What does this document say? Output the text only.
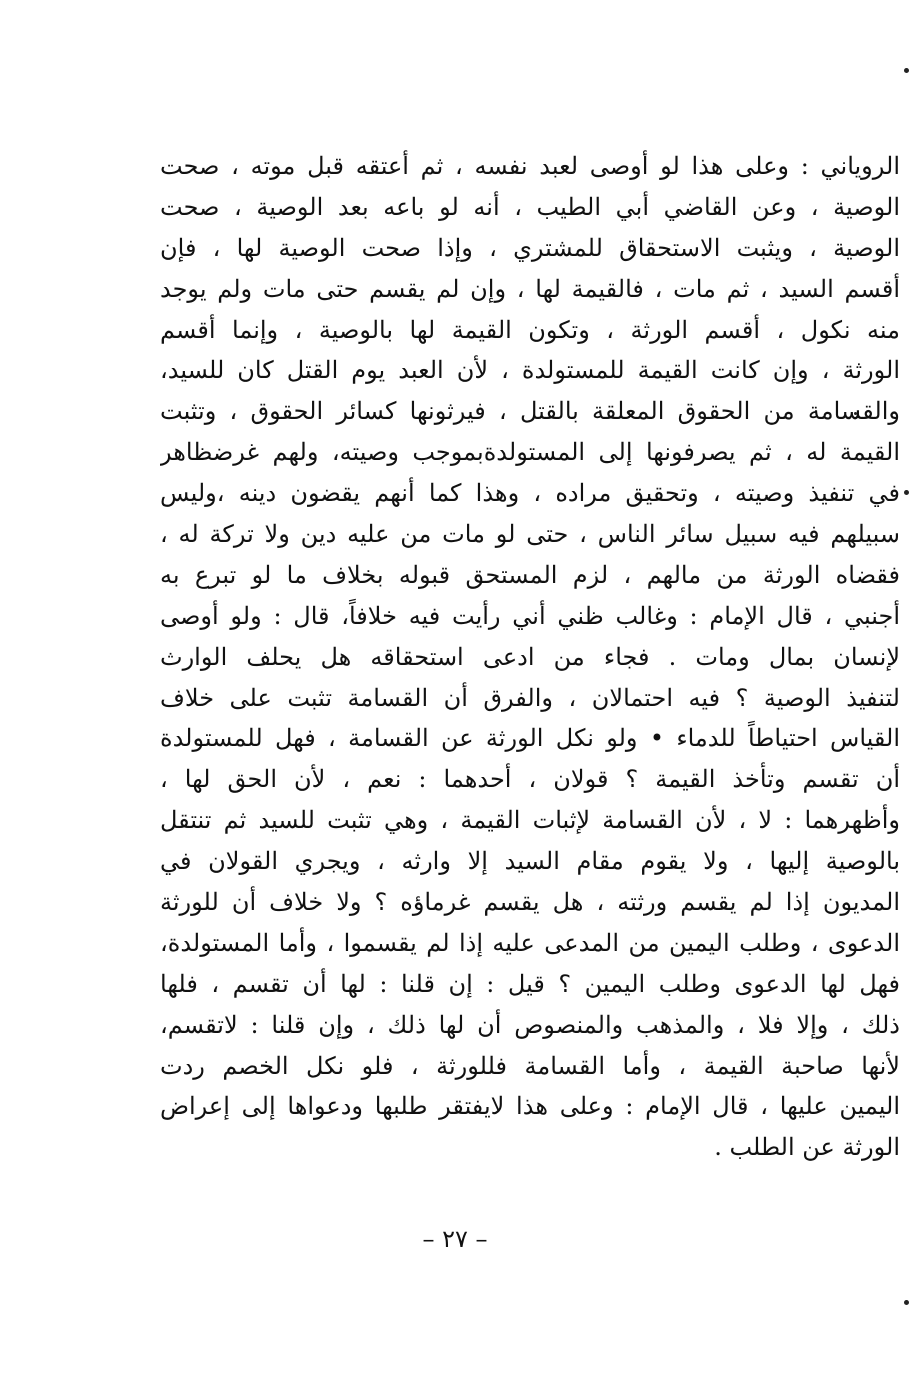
الروياني : وعلى هذا لو أوصى لعبد نفسه ، ثم أعتقه قبل موته ، صحت
الوصية ، وعن القاضي أبي الطيب ، أنه لو باعه بعد الوصية ، صحت
الوصية ، ويثبت الاستحقاق للمشتري ، وإذا صحت الوصية لها ، فإن
أقسم السيد ، ثم مات ، فالقيمة لها ، وإن لم يقسم حتى مات ولم يوجد
منه نكول ، أقسم الورثة ، وتكون القيمة لها بالوصية ، وإنما أقسم
الورثة ، وإن كانت القيمة للمستولدة ، لأن العبد يوم القتل كان للسيد،
والقسامة من الحقوق المعلقة بالقتل ، فيرثونها كسائر الحقوق ، وتثبت
القيمة له ، ثم يصرفونها إلى المستولدةبموجب وصيته، ولهم غرضظاهر
في تنفيذ وصيته ، وتحقيق مراده ، وهذا كما أنهم يقضون دينه ،وليس
سبيلهم فيه سبيل سائر الناس ، حتى لو مات من عليه دين ولا تركة له ،
فقضاه الورثة من مالهم ، لزم المستحق قبوله بخلاف ما لو تبرع به
أجنبي ، قال الإمام : وغالب ظني أني رأيت فيه خلافاً، قال : ولو أوصى
لإنسان بمال ومات . فجاء من ادعى استحقاقه هل يحلف الوارث
لتنفيذ الوصية ؟ فيه احتمالان ، والفرق أن القسامة تثبت على خلاف
القياس احتياطاً للدماء • ولو نكل الورثة عن القسامة ، فهل للمستولدة
أن تقسم وتأخذ القيمة ؟ قولان ، أحدهما : نعم ، لأن الحق لها ،
وأظهرهما : لا ، لأن القسامة لإثبات القيمة ، وهي تثبت للسيد ثم تنتقل
بالوصية إليها ، ولا يقوم مقام السيد إلا وارثه ، ويجري القولان في
المديون إذا لم يقسم ورثته ، هل يقسم غرماؤه ؟ ولا خلاف أن للورثة
الدعوى ، وطلب اليمين من المدعى عليه إذا لم يقسموا ، وأما المستولدة،
فهل لها الدعوى وطلب اليمين ؟ قيل : إن قلنا : لها أن تقسم ، فلها
ذلك ، وإلا فلا ، والمذهب والمنصوص أن لها ذلك ، وإن قلنا : لاتقسم،
لأنها صاحبة القيمة ، وأما القسامة فللورثة ، فلو نكل الخصم ردت
اليمين عليها ، قال الإمام : وعلى هذا لايفتقر طلبها ودعواها إلى إعراض
الورثة عن الطلب .
– ٢٧ –
